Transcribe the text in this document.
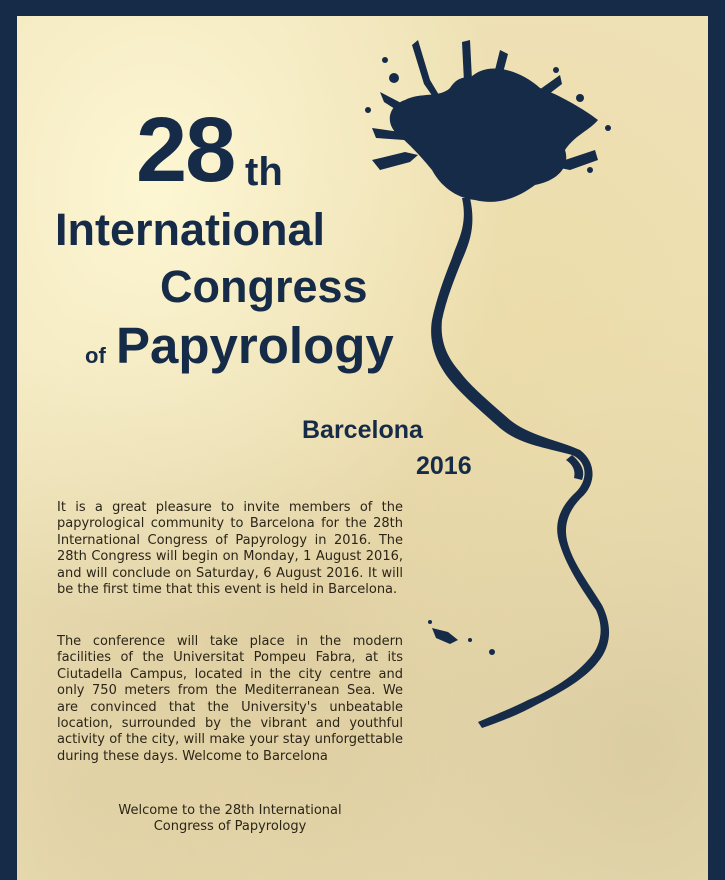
28 th
International
Congress
of Papyrology
Barcelona
2016
It is a great pleasure to invite members of the papyrological community to Barcelona for the 28th International Congress of Papyrology in 2016. The 28th Congress will begin on Monday, 1 August 2016, and will conclude on Saturday, 6 August 2016. It will be the first time that this event is held in Barcelona.
The conference will take place in the modern facilities of the Universitat Pompeu Fabra, at its Ciutadella Campus, located in the city centre and only 750 meters from the Mediterranean Sea. We are convinced that the University's unbeatable location, surrounded by the vibrant and youthful activity of the city, will make your stay unforgettable during these days. Welcome to Barcelona
Welcome to the 28th International Congress of Papyrology
